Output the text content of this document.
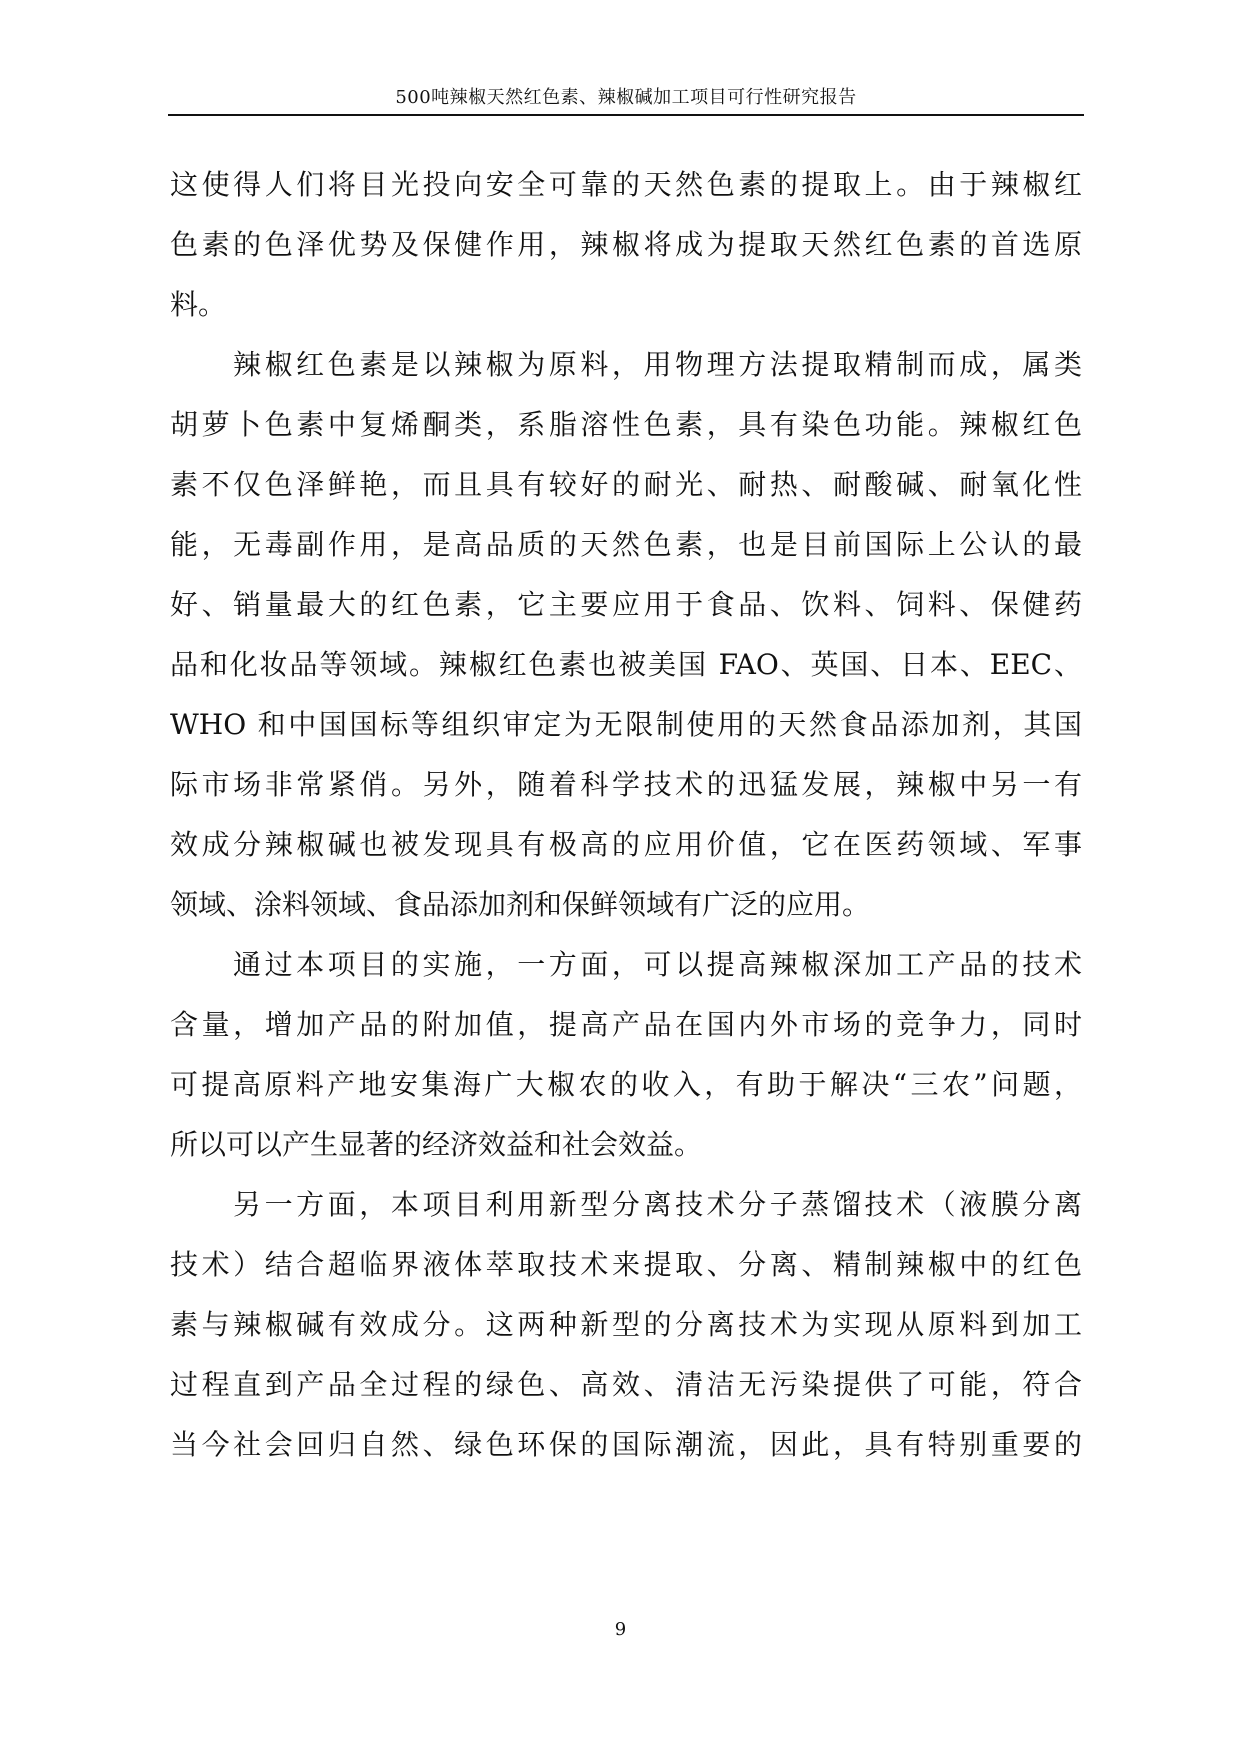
500吨辣椒天然红色素、辣椒碱加工项目可行性研究报告
这使得人们将目光投向安全可靠的天然色素的提取上。由于辣椒红
色素的色泽优势及保健作用，辣椒将成为提取天然红色素的首选原
料。
辣椒红色素是以辣椒为原料，用物理方法提取精制而成，属类
胡萝卜色素中复烯酮类，系脂溶性色素，具有染色功能。辣椒红色
素不仅色泽鲜艳，而且具有较好的耐光、耐热、耐酸碱、耐氧化性
能，无毒副作用，是高品质的天然色素，也是目前国际上公认的最
好、销量最大的红色素，它主要应用于食品、饮料、饲料、保健药
品和化妆品等领域。辣椒红色素也被美国 FAO、英国、日本、EEC、
WHO 和中国国标等组织审定为无限制使用的天然食品添加剂，其国
际市场非常紧俏。另外，随着科学技术的迅猛发展，辣椒中另一有
效成分辣椒碱也被发现具有极高的应用价值，它在医药领域、军事
领域、涂料领域、食品添加剂和保鲜领域有广泛的应用。
通过本项目的实施，一方面，可以提高辣椒深加工产品的技术
含量，增加产品的附加值，提高产品在国内外市场的竞争力，同时
可提高原料产地安集海广大椒农的收入，有助于解决“三农”问题，
所以可以产生显著的经济效益和社会效益。
另一方面，本项目利用新型分离技术分子蒸馏技术（液膜分离
技术）结合超临界液体萃取技术来提取、分离、精制辣椒中的红色
素与辣椒碱有效成分。这两种新型的分离技术为实现从原料到加工
过程直到产品全过程的绿色、高效、清洁无污染提供了可能，符合
当今社会回归自然、绿色环保的国际潮流，因此，具有特别重要的
9
